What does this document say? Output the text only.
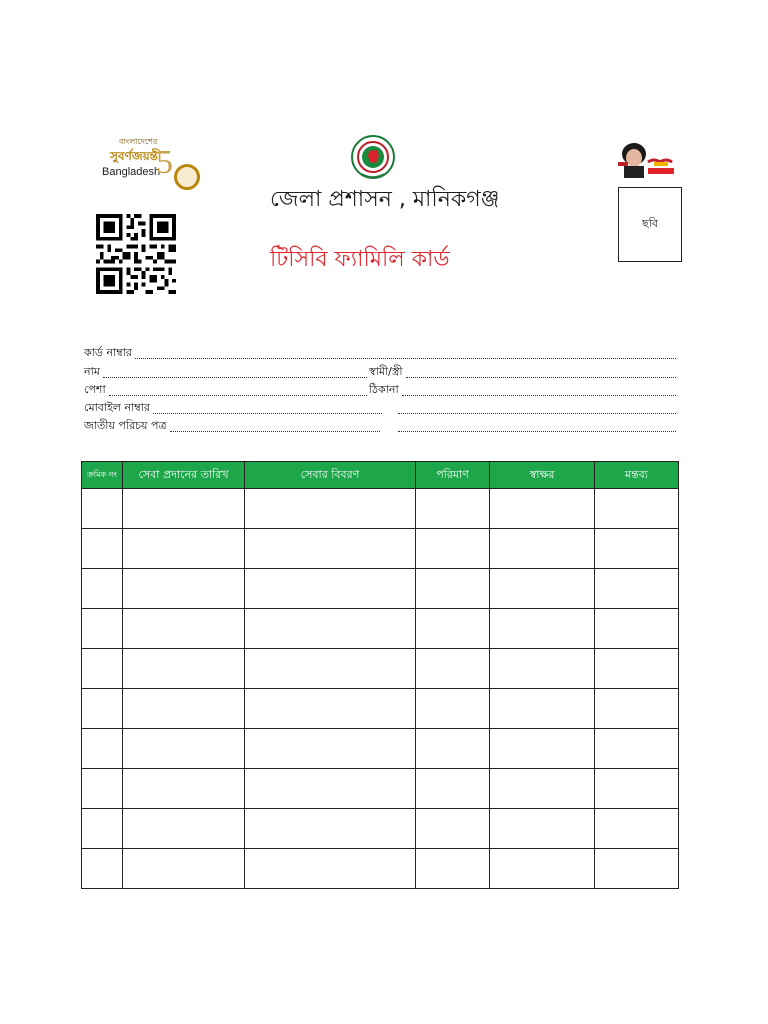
বাংলাদেশের
সুবর্ণজয়ন্তী
Bangladesh
5
জেলা প্রশাসন , মানিকগঞ্জ
টিসিবি ফ্যামিলি কার্ড
ছবি
কার্ড নাম্বার
নাম	স্বামী/স্ত্রী
পেশা	ঠিকানা
মোবাইল নাম্বার
জাতীয় পরিচয় পত্র
ক্রমিক নং	সেবা প্রদানের তারিখ	সেবার বিবরণ	পরিমাণ	স্বাক্ষর	মন্তব্য
